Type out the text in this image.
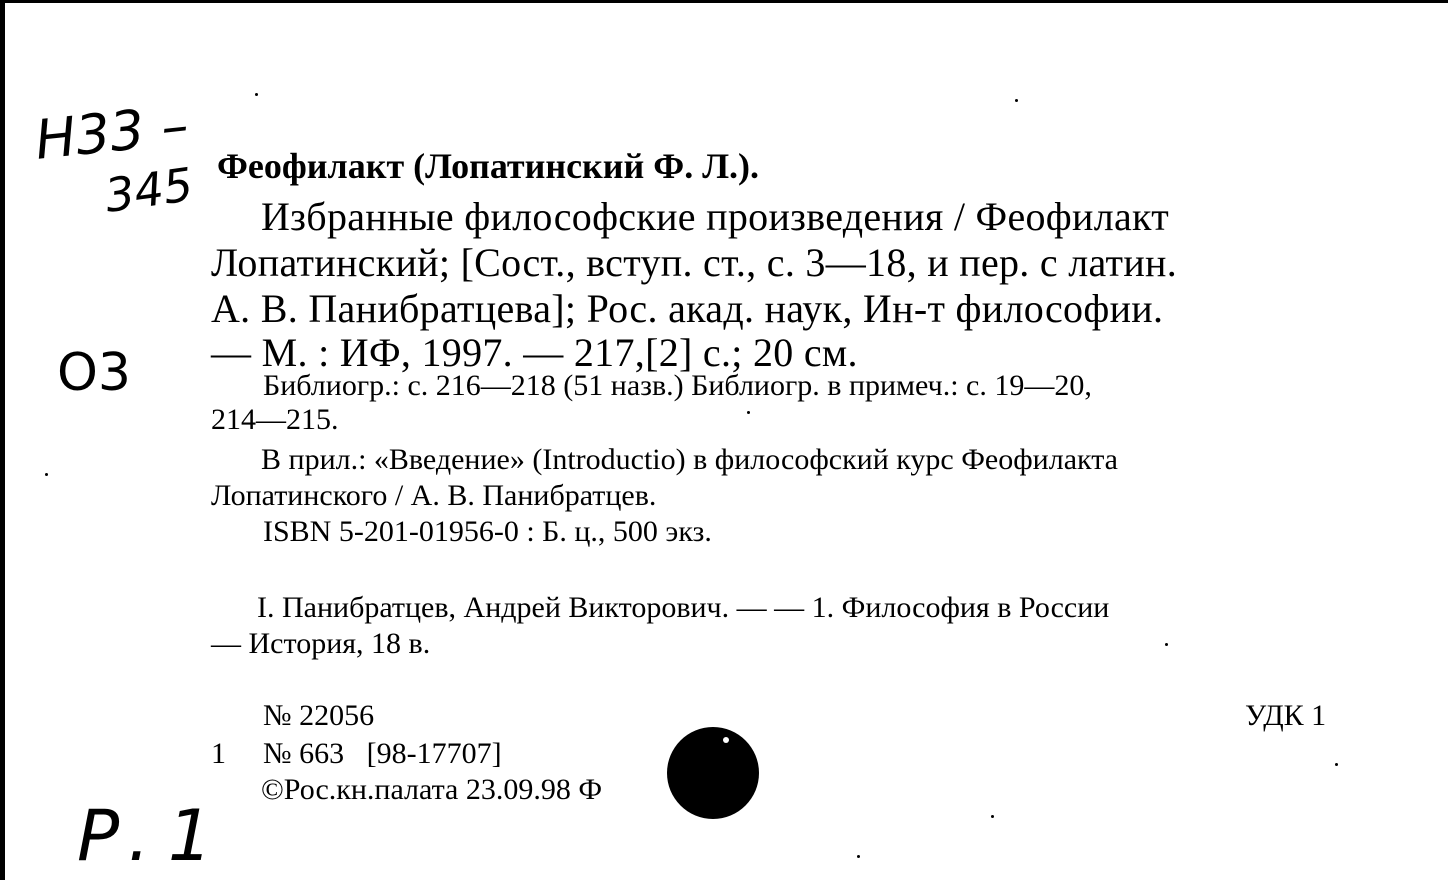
Н33 –
345
О3
P.1
Феофилакт (Лопатинский Ф. Л.).
Избранные философские произведения / Феофилакт
Лопатинский; [Сост., вступ. ст., с. 3—18, и пер. с латин.
А. В. Панибратцева]; Рос. акад. наук, Ин-т философии.
— М. : ИФ, 1997. — 217,[2] с.; 20 см.
Библиогр.: с. 216—218 (51 назв.) Библиогр. в примеч.: с. 19—20,
214—215.
В прил.: «Введение» (Introductio) в философский курс Феофилакта
Лопатинского / А. В. Панибратцев.
ISBN 5-201-01956-0 : Б. ц., 500 экз.
I. Панибратцев, Андрей Викторович. — — 1. Философия в России
— История, 18 в.
№ 22056	УДК 1
1 № 663   [98-17707]
©Рос.кн.палата 23.09.98 Ф
